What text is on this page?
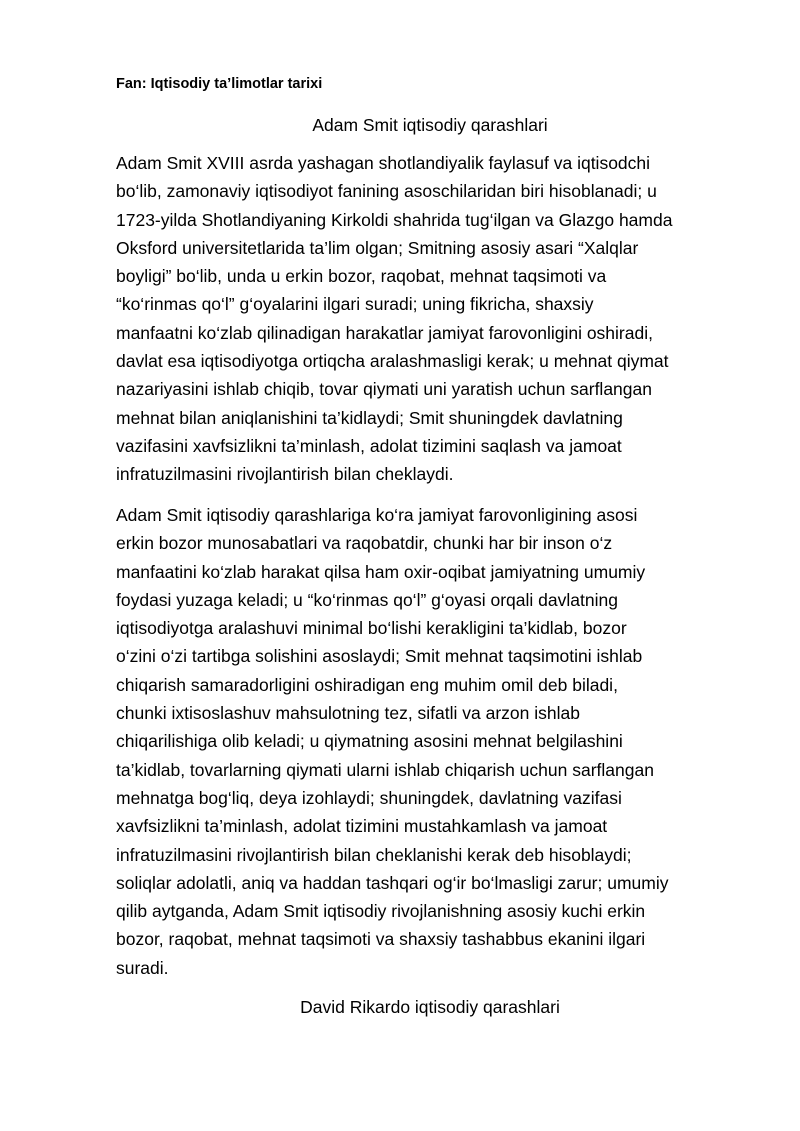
Fan: Iqtisodiy ta’limotlar tarixi
Adam Smit iqtisodiy qarashlari
Adam Smit XVIII asrda yashagan shotlandiyalik faylasuf va iqtisodchi
bo‘lib, zamonaviy iqtisodiyot fanining asoschilaridan biri hisoblanadi; u
1723-yilda Shotlandiyaning Kirkoldi shahrida tug‘ilgan va Glazgo hamda
Oksford universitetlarida ta’lim olgan; Smitning asosiy asari “Xalqlar
boyligi” bo‘lib, unda u erkin bozor, raqobat, mehnat taqsimoti va
“ko‘rinmas qo‘l” g‘oyalarini ilgari suradi; uning fikricha, shaxsiy
manfaatni ko‘zlab qilinadigan harakatlar jamiyat farovonligini oshiradi,
davlat esa iqtisodiyotga ortiqcha aralashmasligi kerak; u mehnat qiymat
nazariyasini ishlab chiqib, tovar qiymati uni yaratish uchun sarflangan
mehnat bilan aniqlanishini ta’kidlaydi; Smit shuningdek davlatning
vazifasini xavfsizlikni ta’minlash, adolat tizimini saqlash va jamoat
infratuzilmasini rivojlantirish bilan cheklaydi.
Adam Smit iqtisodiy qarashlariga ko‘ra jamiyat farovonligining asosi
erkin bozor munosabatlari va raqobatdir, chunki har bir inson o‘z
manfaatini ko‘zlab harakat qilsa ham oxir-oqibat jamiyatning umumiy
foydasi yuzaga keladi; u “ko‘rinmas qo‘l” g‘oyasi orqali davlatning
iqtisodiyotga aralashuvi minimal bo‘lishi kerakligini ta’kidlab, bozor
o‘zini o‘zi tartibga solishini asoslaydi; Smit mehnat taqsimotini ishlab
chiqarish samaradorligini oshiradigan eng muhim omil deb biladi,
chunki ixtisoslashuv mahsulotning tez, sifatli va arzon ishlab
chiqarilishiga olib keladi; u qiymatning asosini mehnat belgilashini
ta’kidlab, tovarlarning qiymati ularni ishlab chiqarish uchun sarflangan
mehnatga bog‘liq, deya izohlaydi; shuningdek, davlatning vazifasi
xavfsizlikni ta’minlash, adolat tizimini mustahkamlash va jamoat
infratuzilmasini rivojlantirish bilan cheklanishi kerak deb hisoblaydi;
soliqlar adolatli, aniq va haddan tashqari og‘ir bo‘lmasligi zarur; umumiy
qilib aytganda, Adam Smit iqtisodiy rivojlanishning asosiy kuchi erkin
bozor, raqobat, mehnat taqsimoti va shaxsiy tashabbus ekanini ilgari
suradi.
David Rikardo iqtisodiy qarashlari
